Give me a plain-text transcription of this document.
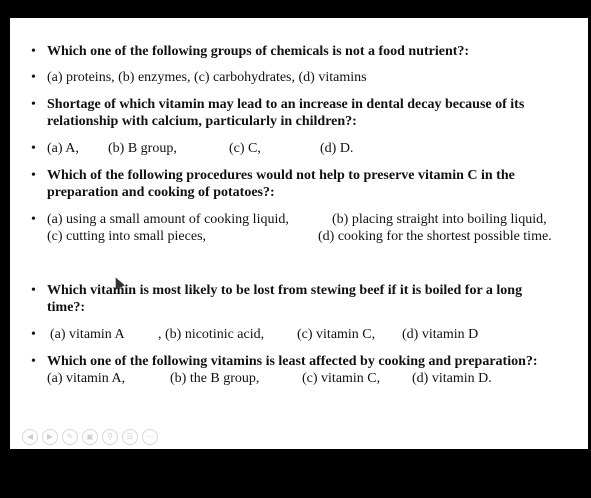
• Which one of the following groups of chemicals is not a food nutrient?:
• (a) proteins, (b) enzymes, (c) carbohydrates, (d) vitamins
• Shortage of which vitamin may lead to an increase in dental decay because of its
relationship with calcium, particularly in children?:
• (a) A, (b) B group,	(c) C,	(d) D.
• Which of the following procedures would not help to preserve vitamin C in the
preparation and cooking of potatoes?:
• (a) using a small amount of cooking liquid,	(b) placing straight into boiling liquid,
(c) cutting into small pieces,	(d) cooking for the shortest possible time.
• Which vitamin is most likely to be lost from stewing beef if it is boiled for a long
time?:
• (a) vitamin A , (b) nicotinic acid, (c) vitamin C, (d) vitamin D
• Which one of the following vitamins is least affected by cooking and preparation?:
(a) vitamin A,	(b) the B group,	(c) vitamin C, (d) vitamin D.
◀	▶	✎	▣	⚲	☰	⋯
